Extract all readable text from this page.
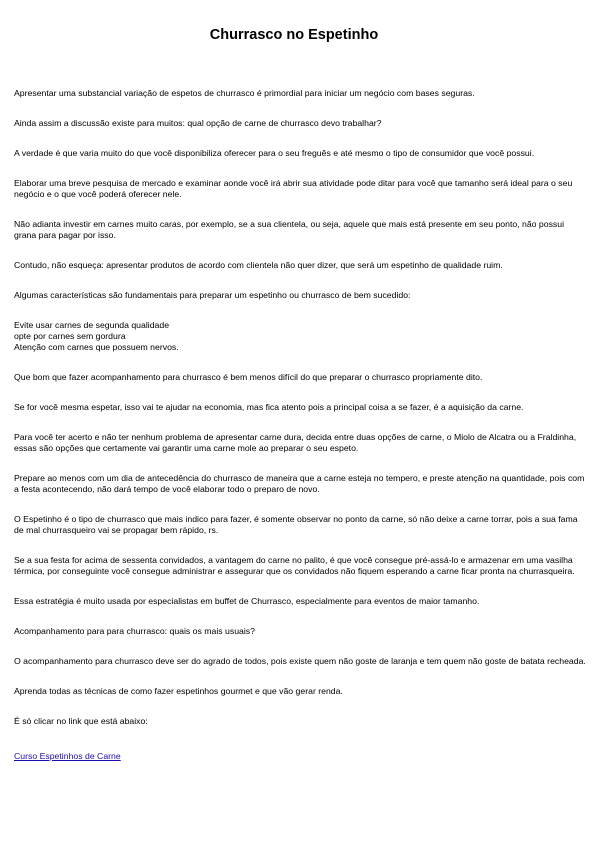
Churrasco no Espetinho

Apresentar uma substancial variação de espetos de churrasco é primordial para iniciar um negócio com bases seguras.

Ainda assim a discussão existe para muitos: qual opção de carne de churrasco devo trabalhar?

A verdade é que varia muito do que você disponibiliza oferecer para o seu freguês e até mesmo o tipo de consumidor que você possui.

Elaborar uma breve pesquisa de mercado e examinar aonde você irá abrir sua atividade pode ditar para você que tamanho será ideal para o seu negócio e o que você poderá oferecer nele.

Não adianta investir em carnes muito caras, por exemplo, se a sua clientela, ou seja, aquele que mais está presente em seu ponto, não possui grana para pagar por isso.

Contudo, não esqueça: apresentar produtos de acordo com clientela não quer dizer, que será um espetinho de qualidade ruim.

Algumas características são fundamentais para preparar um espetinho ou churrasco de bem sucedido:

Evite usar carnes de segunda qualidade

opte por carnes sem gordura

Atenção com carnes que possuem nervos.

Que bom que fazer acompanhamento para churrasco é bem menos difícil do que preparar o churrasco propriamente dito.

Se for você mesma espetar, isso vai te ajudar na economia, mas fica atento pois a principal coisa a se fazer, é a aquisição da carne.

Para você ter acerto e não ter nenhum problema de apresentar carne dura, decida entre duas opções de carne, o Miolo de Alcatra ou a Fraldinha, essas são opções que certamente vai garantir uma carne mole ao preparar o seu espeto.

Prepare ao menos com um dia de antecedência do churrasco de maneira que a carne esteja no tempero, e preste atenção na quantidade, pois com a festa acontecendo, não dará tempo de você elaborar todo o preparo de novo.

O Espetinho é o tipo de churrasco que mais indico para fazer, é somente observar no ponto da carne, só não deixe a carne torrar, pois a sua fama de mal churrasqueiro vai se propagar bem rápido, rs.

Se a sua festa for acima de sessenta convidados, a vantagem do carne no palito, é que você consegue pré-assá-lo e armazenar em uma vasilha térmica, por conseguinte você consegue administrar e assegurar que os convidados não fiquem esperando a carne ficar pronta na churrasqueira.

Essa estratégia é muito usada por especialistas em buffet de Churrasco, especialmente para eventos de maior tamanho.

Acompanhamento para para churrasco: quais os mais usuais?

O acompanhamento para churrasco deve ser do agrado de todos, pois existe quem não goste de laranja e tem quem não goste de batata recheada.

Aprenda todas as técnicas de como fazer espetinhos gourmet e que vão gerar renda.

É só clicar no link que está abaixo:

Curso Espetinhos de Carne
